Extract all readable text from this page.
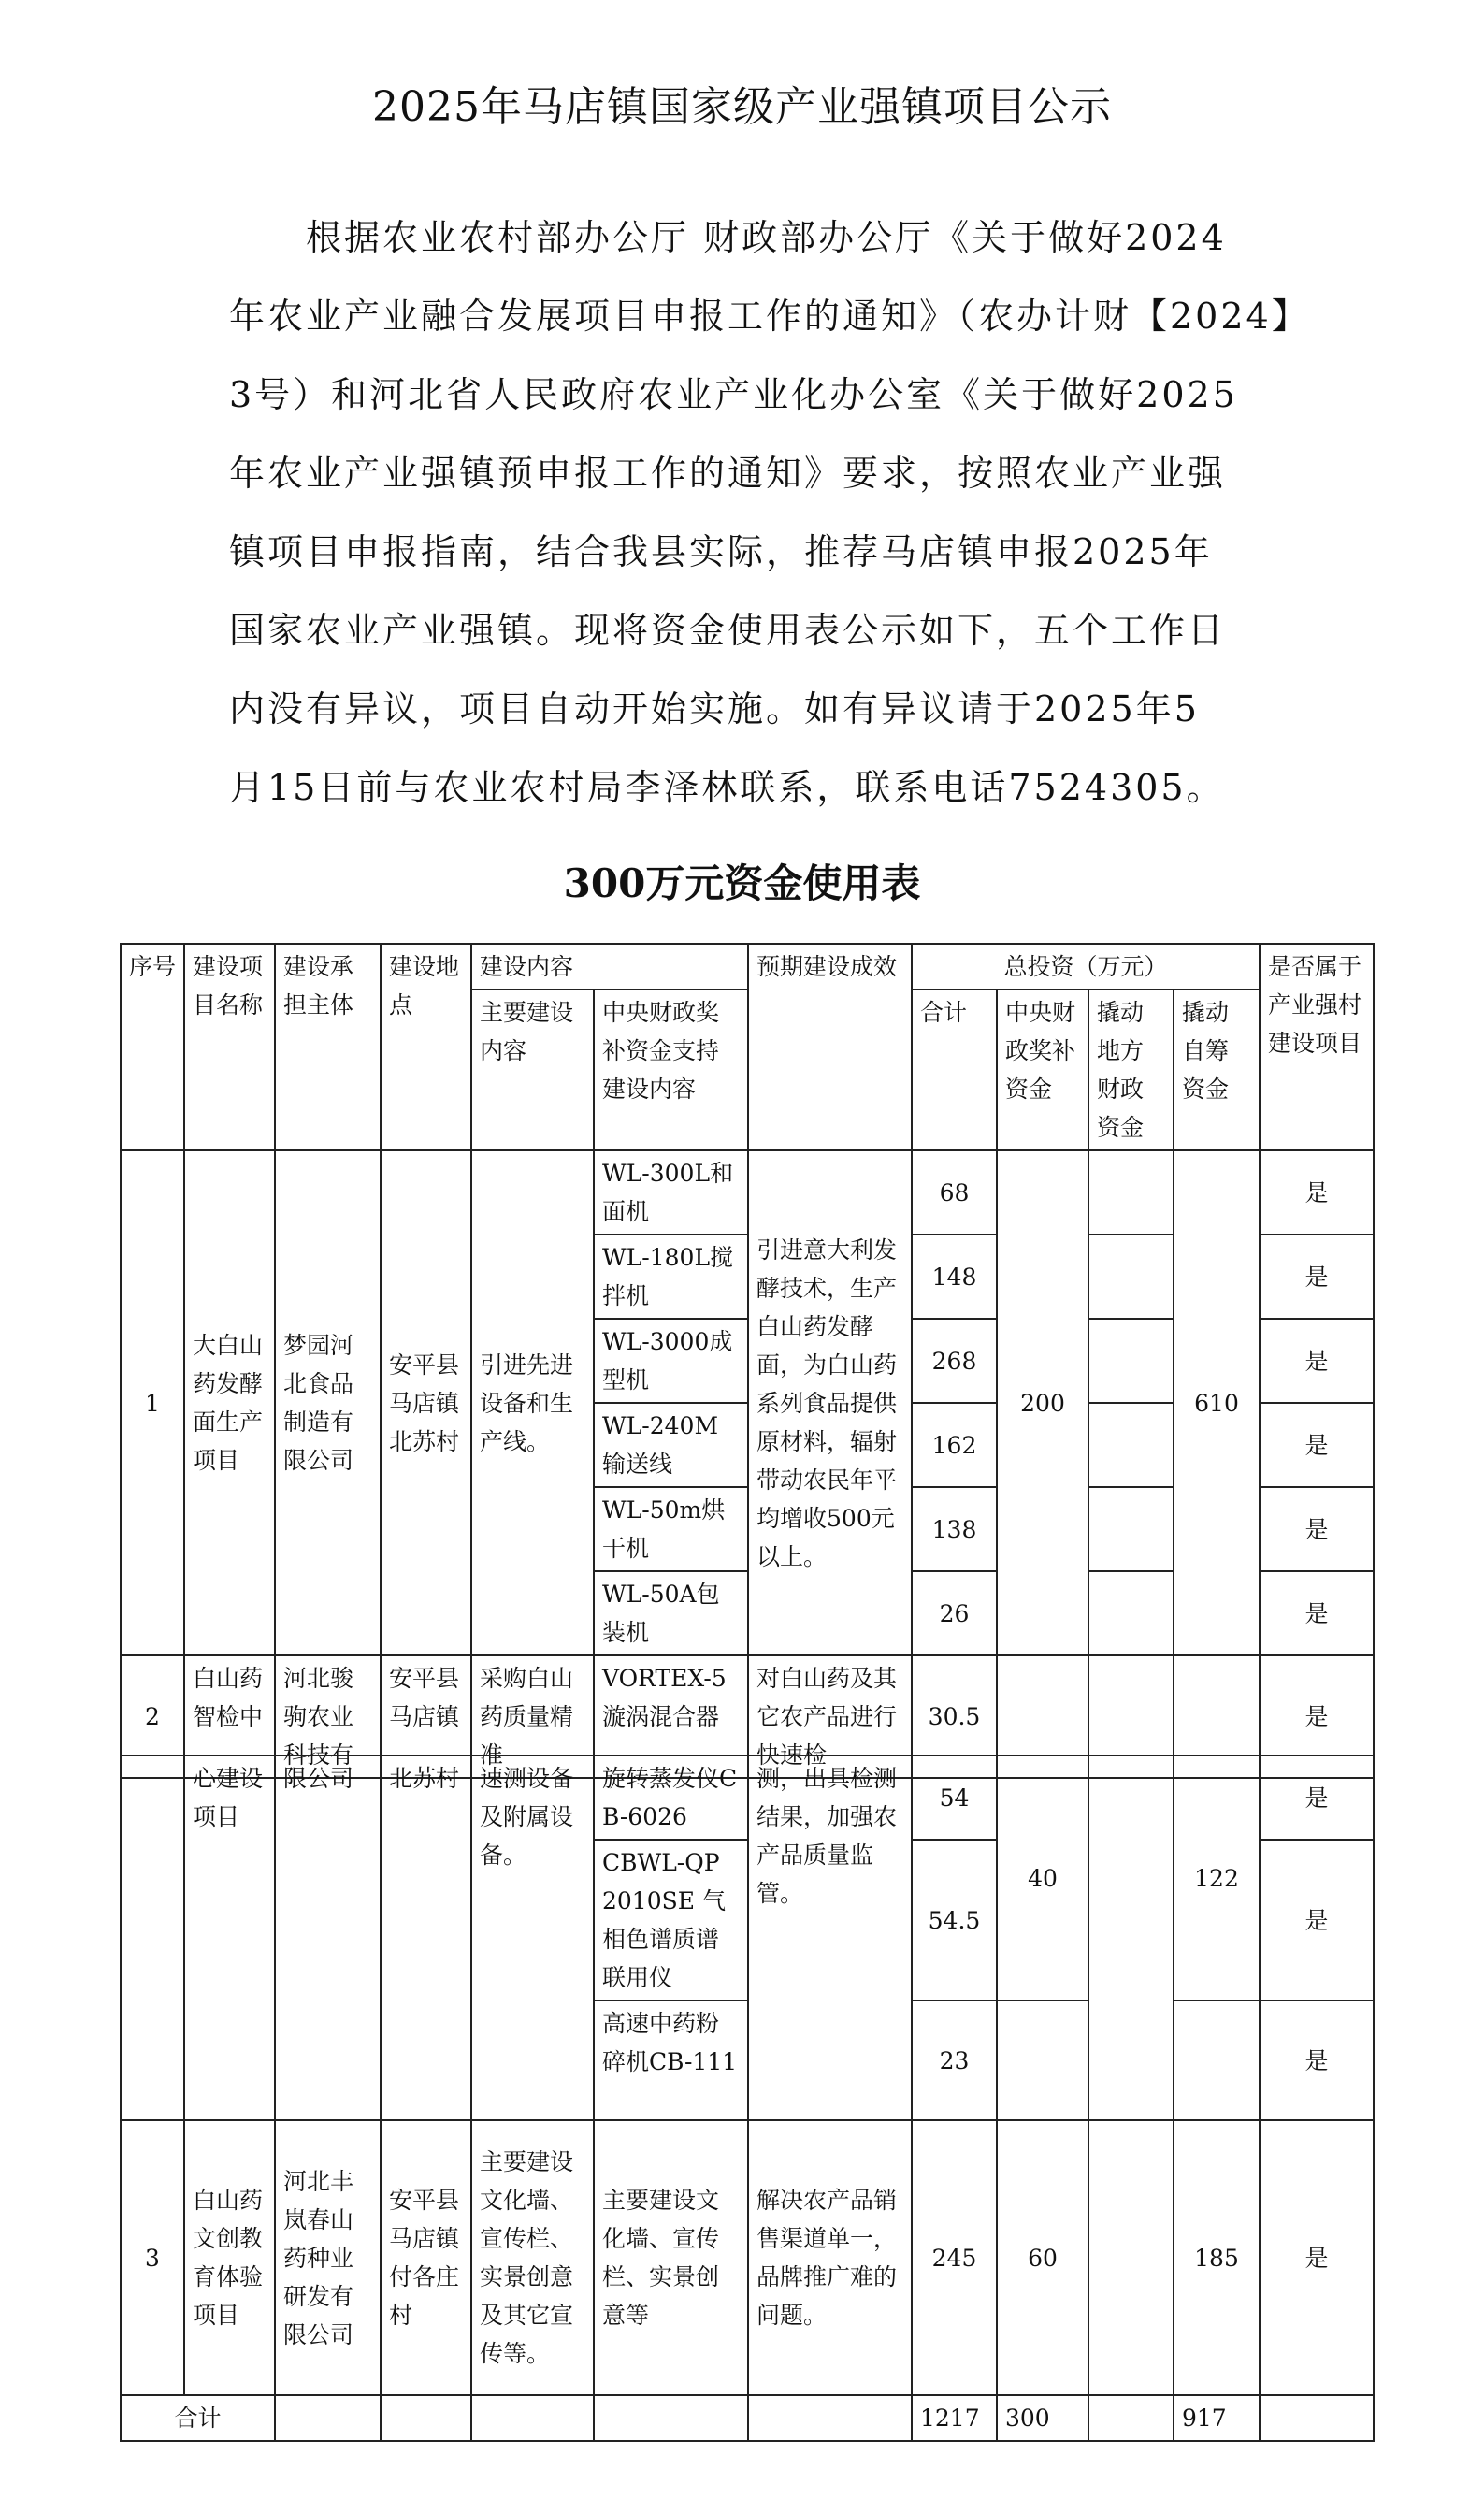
2025年马店镇国家级产业强镇项目公示
根据农业农村部办公厅 财政部办公厅《关于做好2024
年农业产业融合发展项目申报工作的通知》（农办计财【2024】
3号）和河北省人民政府农业产业化办公室《关于做好2025
年农业产业强镇预申报工作的通知》要求，按照农业产业强
镇项目申报指南，结合我县实际，推荐马店镇申报2025年
国家农业产业强镇。现将资金使用表公示如下，五个工作日
内没有异议，项目自动开始实施。如有异议请于2025年5
月15日前与农业农村局李泽林联系，联系电话7524305。
300万元资金使用表
序号	建设项目名称	建设承担主体	建设地点	建设内容		预期建设成效	总投资（万元）				是否属于产业强村建设项目
				主要建设内容	中央财政奖补资金支持建设内容		合计	中央财政奖补资金	撬动地方财政资金	撬动自筹资金	
1	大白山药发酵面生产项目	梦园河北食品制造有限公司	安平县马店镇北苏村	引进先进设备和生产线。	WL-300L和面机	引进意大利发酵技术，生产白山药发酵面，为白山药系列食品提供原材料，辐射带动农民年平均增收500元以上。	68	200		610	是
					WL-180L搅拌机		148				是
					WL-3000成型机		268				是
					WL-240M输送线		162				是
					WL-50m烘干机		138				是
					WL-50A包装机		26				是
2	白山药智检中	河北骏驹农业科技有	安平县马店镇	采购白山药质量精准	VORTEX-5漩涡混合器	对白山药及其它农产品进行快速检	30.5				是
	心建设项目	限公司	北苏村	速测设备及附属设备。	旋转蒸发仪CB-6026	测，出具检测结果，加强农产品质量监管。	54	40		122	是
					CBWL-QP 2010SE 气相色谱质谱联用仪		54.5				是
					高速中药粉碎机CB-111		23				是
3	白山药文创教育体验项目	河北丰岚春山药种业研发有限公司	安平县马店镇付各庄村	主要建设文化墙、宣传栏、实景创意及其它宣传等。	主要建设文化墙、宣传栏、实景创意等	解决农产品销售渠道单一，品牌推广难的问题。	245	60		185	是
合计							1217	300		917	
